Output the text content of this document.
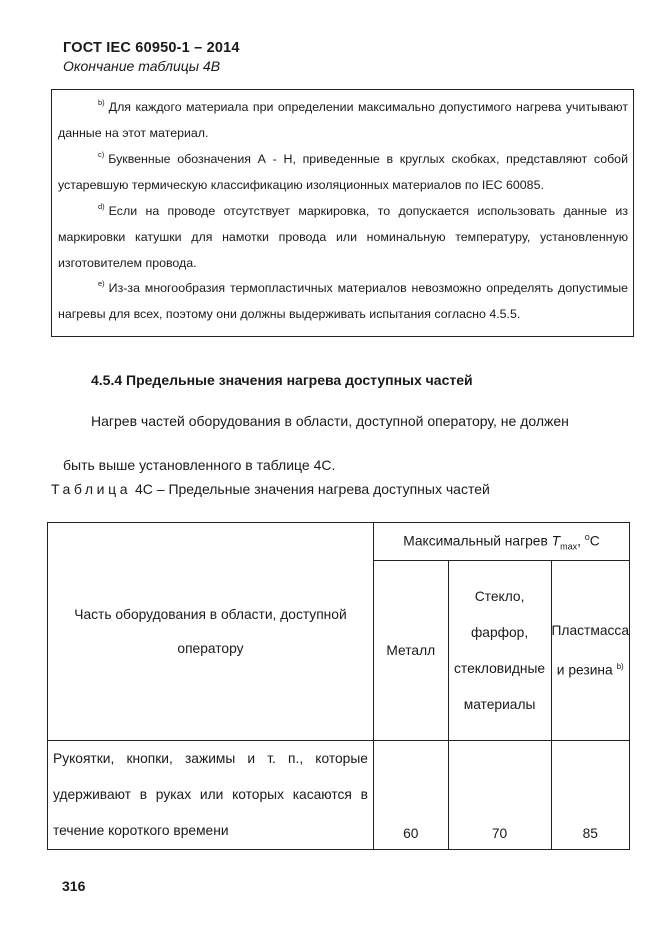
ГОСТ IEC 60950-1 – 2014
Окончание таблицы 4В
$^{b)}$ Для каждого материала при определении максимально допустимого нагрева учитывают данные на этот материал.
$^{c)}$ Буквенные обозначения А - Н, приведенные в круглых скобках, представляют собой устаревшую термическую классификацию изоляционных материалов по IEC 60085.
$^{d)}$ Если на проводе отсутствует маркировка, то допускается использовать данные из маркировки катушки для намотки провода или номинальную температуру, установленную изготовителем провода.
$^{e)}$ Из-за многообразия термопластичных материалов невозможно определять допустимые нагревы для всех, поэтому они должны выдерживать испытания согласно 4.5.5.
4.5.4 Предельные значения нагрева доступных частей
Нагрев частей оборудования в области, доступной оператору, не должен быть выше установленного в таблице 4С.
Таблица 4С – Предельные значения нагрева доступных частей
Часть оборудования в области, доступной оператору	Максимальный нагрев $T_{max}$, $^o$C		
	Металл	Стекло, фарфор, стекловидные материалы	Пластмасса и резина $^{b)}$
Рукоятки, кнопки, зажимы и т. п., которые удерживают в руках или которых касаются в течение короткого времени	60	70	85
316
